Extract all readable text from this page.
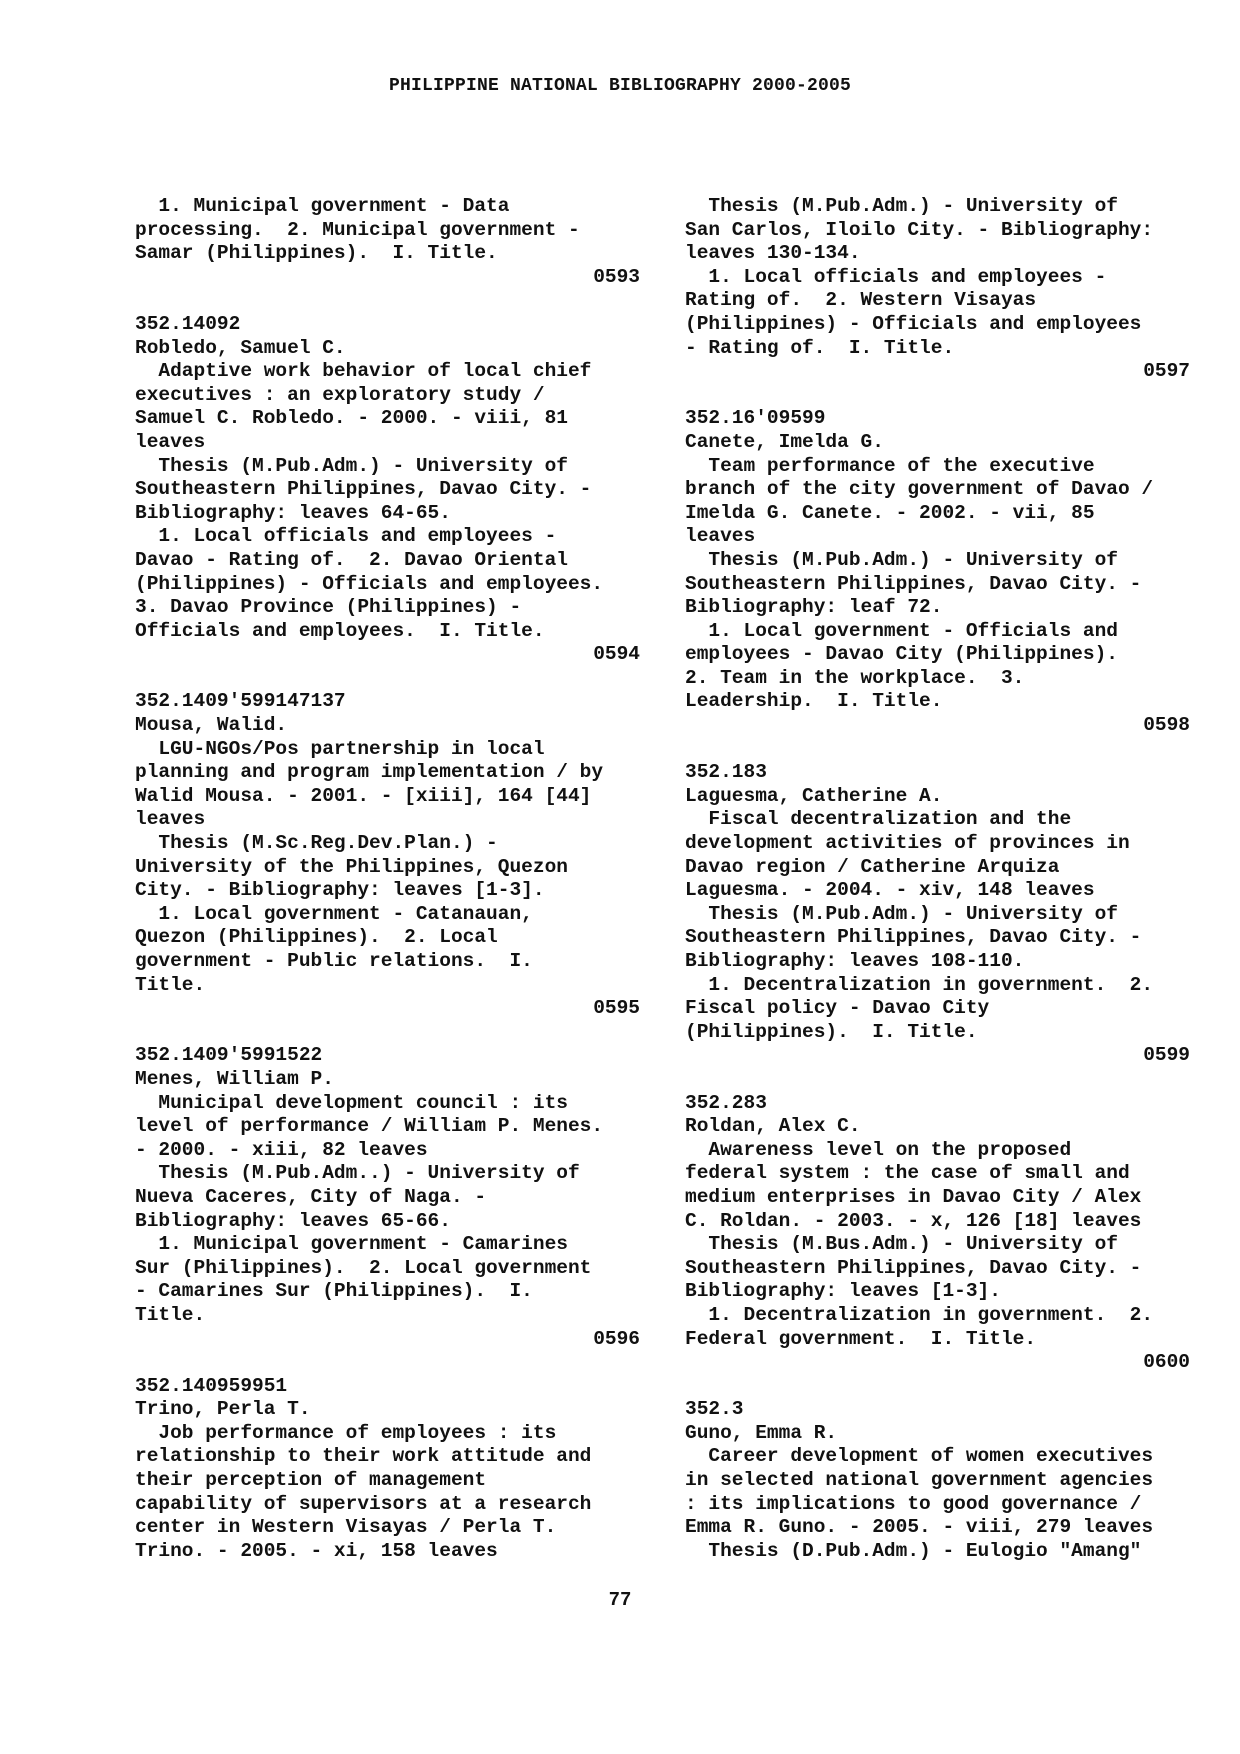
PHILIPPINE NATIONAL BIBLIOGRAPHY 2000-2005
1. Municipal government - Data
processing.  2. Municipal government -
Samar (Philippines).  I. Title.
0593
352.14092
Robledo, Samuel C.
Adaptive work behavior of local chief
executives : an exploratory study /
Samuel C. Robledo. - 2000. - viii, 81
leaves
Thesis (M.Pub.Adm.) - University of
Southeastern Philippines, Davao City. -
Bibliography: leaves 64-65.
1. Local officials and employees -
Davao - Rating of.  2. Davao Oriental
(Philippines) - Officials and employees.
3. Davao Province (Philippines) -
Officials and employees.  I. Title.
0594
352.1409'599147137
Mousa, Walid.
LGU-NGOs/Pos partnership in local
planning and program implementation / by
Walid Mousa. - 2001. - [xiii], 164 [44]
leaves
Thesis (M.Sc.Reg.Dev.Plan.) -
University of the Philippines, Quezon
City. - Bibliography: leaves [1-3].
1. Local government - Catanauan,
Quezon (Philippines).  2. Local
government - Public relations.  I.
Title.
0595
352.1409'5991522
Menes, William P.
Municipal development council : its
level of performance / William P. Menes.
- 2000. - xiii, 82 leaves
Thesis (M.Pub.Adm..) - University of
Nueva Caceres, City of Naga. -
Bibliography: leaves 65-66.
1. Municipal government - Camarines
Sur (Philippines).  2. Local government
- Camarines Sur (Philippines).  I.
Title.
0596
352.140959951
Trino, Perla T.
Job performance of employees : its
relationship to their work attitude and
their perception of management
capability of supervisors at a research
center in Western Visayas / Perla T.
Trino. - 2005. - xi, 158 leaves
Thesis (M.Pub.Adm.) - University of
San Carlos, Iloilo City. - Bibliography:
leaves 130-134.
1. Local officials and employees -
Rating of.  2. Western Visayas
(Philippines) - Officials and employees
- Rating of.  I. Title.
0597
352.16'09599
Canete, Imelda G.
Team performance of the executive
branch of the city government of Davao /
Imelda G. Canete. - 2002. - vii, 85
leaves
Thesis (M.Pub.Adm.) - University of
Southeastern Philippines, Davao City. -
Bibliography: leaf 72.
1. Local government - Officials and
employees - Davao City (Philippines).
2. Team in the workplace.  3.
Leadership.  I. Title.
0598
352.183
Laguesma, Catherine A.
Fiscal decentralization and the
development activities of provinces in
Davao region / Catherine Arquiza
Laguesma. - 2004. - xiv, 148 leaves
Thesis (M.Pub.Adm.) - University of
Southeastern Philippines, Davao City. -
Bibliography: leaves 108-110.
1. Decentralization in government.  2.
Fiscal policy - Davao City
(Philippines).  I. Title.
0599
352.283
Roldan, Alex C.
Awareness level on the proposed
federal system : the case of small and
medium enterprises in Davao City / Alex
C. Roldan. - 2003. - x, 126 [18] leaves
Thesis (M.Bus.Adm.) - University of
Southeastern Philippines, Davao City. -
Bibliography: leaves [1-3].
1. Decentralization in government.  2.
Federal government.  I. Title.
0600
352.3
Guno, Emma R.
Career development of women executives
in selected national government agencies
: its implications to good governance /
Emma R. Guno. - 2005. - viii, 279 leaves
Thesis (D.Pub.Adm.) - Eulogio "Amang"
77
